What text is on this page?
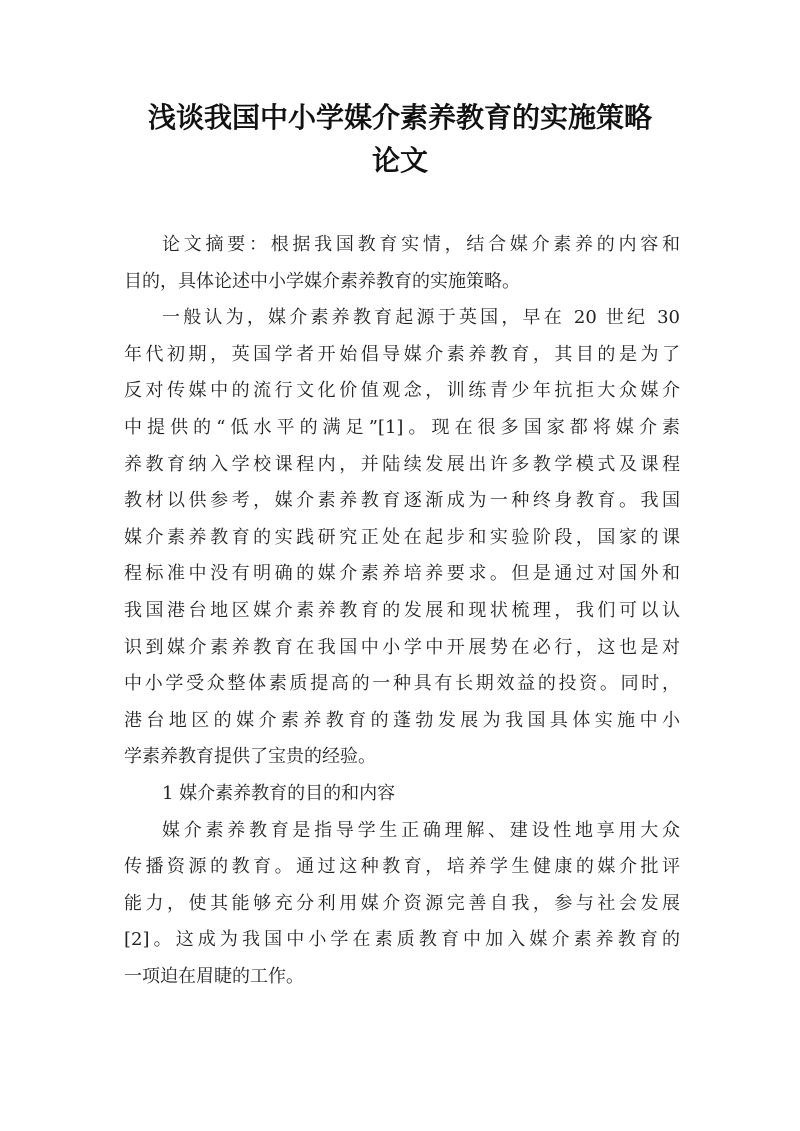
浅谈我国中小学媒介素养教育的实施策略
论文
论文摘要：根据我国教育实情，结合媒介素养的内容和
目的，具体论述中小学媒介素养教育的实施策略。
一般认为，媒介素养教育起源于英国，早在 20 世纪 30
年代初期，英国学者开始倡导媒介素养教育，其目的是为了
反对传媒中的流行文化价值观念，训练青少年抗拒大众媒介
中提供的“低水平的满足”[1]。现在很多国家都将媒介素
养教育纳入学校课程内，并陆续发展出许多教学模式及课程
教材以供参考，媒介素养教育逐渐成为一种终身教育。我国
媒介素养教育的实践研究正处在起步和实验阶段，国家的课
程标准中没有明确的媒介素养培养要求。但是通过对国外和
我国港台地区媒介素养教育的发展和现状梳理，我们可以认
识到媒介素养教育在我国中小学中开展势在必行，这也是对
中小学受众整体素质提高的一种具有长期效益的投资。同时，
港台地区的媒介素养教育的蓬勃发展为我国具体实施中小
学素养教育提供了宝贵的经验。
1 媒介素养教育的目的和内容
媒介素养教育是指导学生正确理解、建设性地享用大众
传播资源的教育。通过这种教育，培养学生健康的媒介批评
能力，使其能够充分利用媒介资源完善自我，参与社会发展
[2]。这成为我国中小学在素质教育中加入媒介素养教育的
一项迫在眉睫的工作。
